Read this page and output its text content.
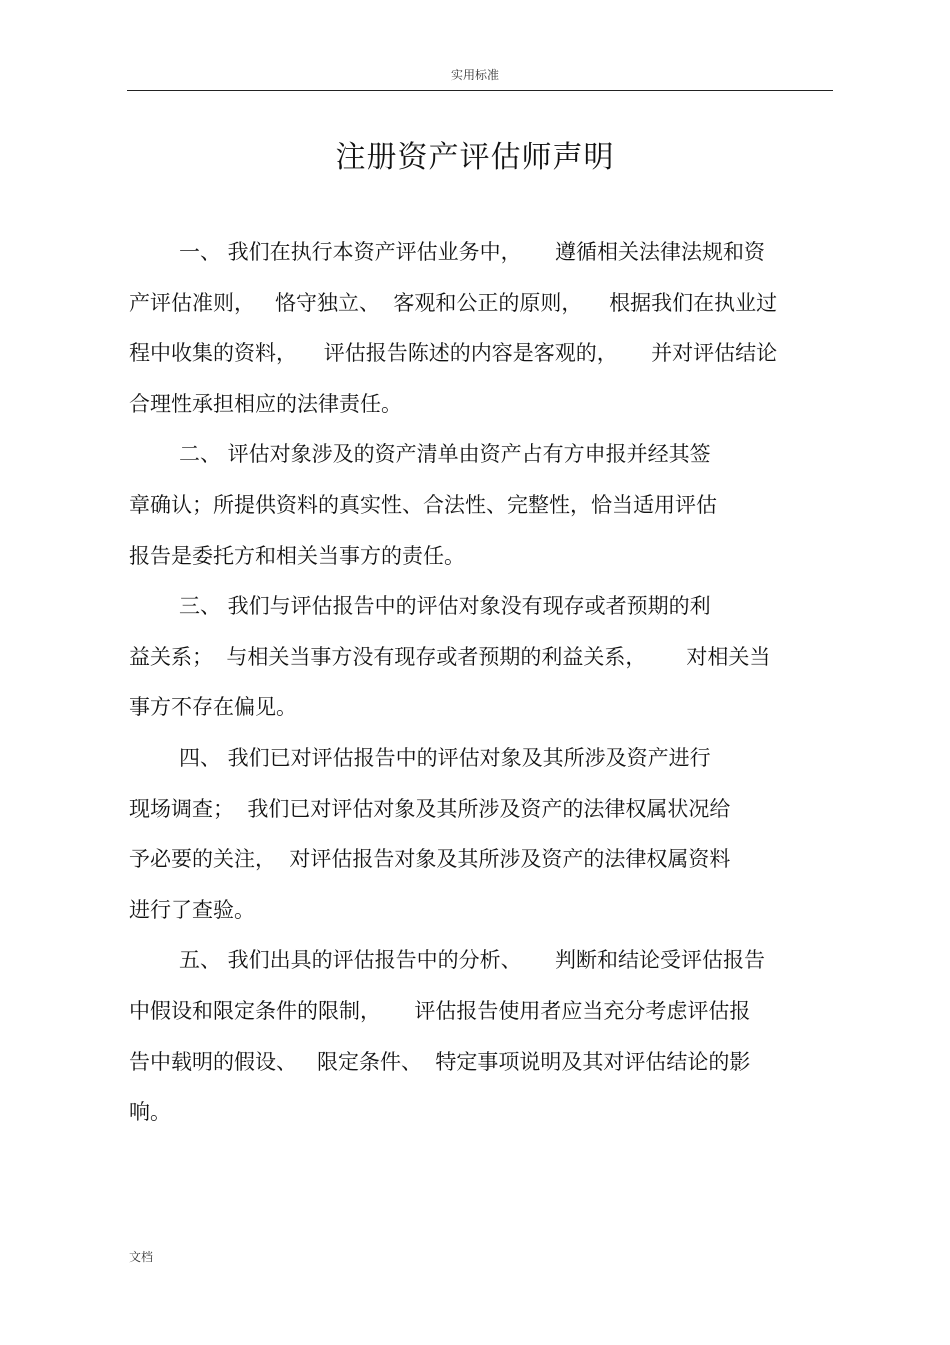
实用标准
注册资产评估师声明
一、 我们在执行本资产评估业务中，     遵循相关法律法规和资
产评估准则，   恪守独立、  客观和公正的原则，    根据我们在执业过
程中收集的资料，    评估报告陈述的内容是客观的，     并对评估结论
合理性承担相应的法律责任。
二、 评估对象涉及的资产清单由资产占有方申报并经其签
章确认；所提供资料的真实性、合法性、完整性，恰当适用评估
报告是委托方和相关当事方的责任。
三、 我们与评估报告中的评估对象没有现存或者预期的利
益关系；  与相关当事方没有现存或者预期的利益关系，      对相关当
事方不存在偏见。
四、 我们已对评估报告中的评估对象及其所涉及资产进行
现场调查；  我们已对评估对象及其所涉及资产的法律权属状况给
予必要的关注，  对评估报告对象及其所涉及资产的法律权属资料
进行了查验。
五、 我们出具的评估报告中的分析、     判断和结论受评估报告
中假设和限定条件的限制，     评估报告使用者应当充分考虑评估报
告中载明的假设、   限定条件、  特定事项说明及其对评估结论的影
响。
文档
